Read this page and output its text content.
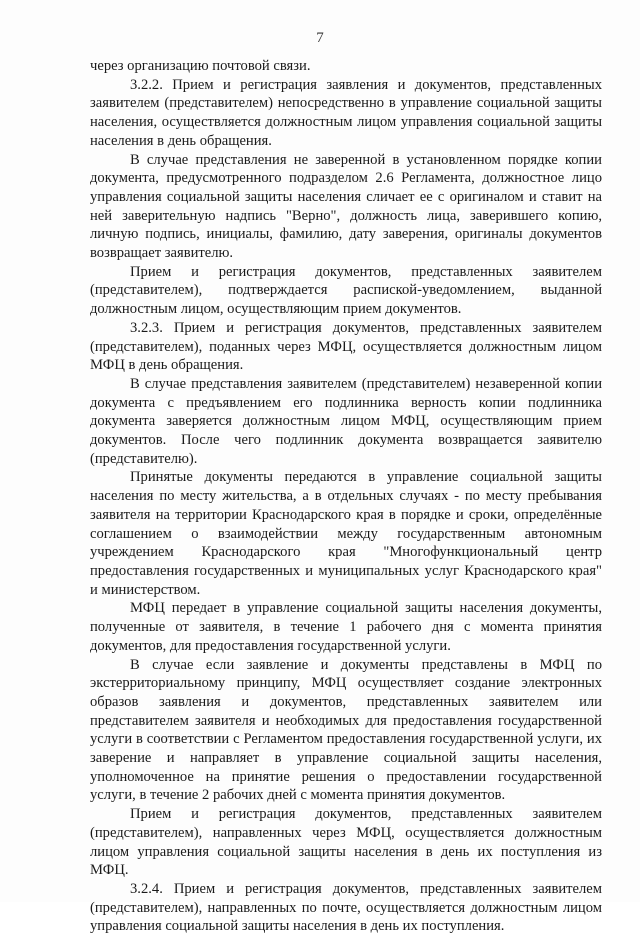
7

через организацию почтовой связи.

3.2.2. Прием и регистрация заявления и документов, представленных заявителем (представителем) непосредственно в управление социальной защиты населения, осуществляется должностным лицом управления социальной защиты населения в день обращения.

В случае представления не заверенной в установленном порядке копии документа, предусмотренного подразделом 2.6 Регламента, должностное лицо управления социальной защиты населения сличает ее с оригиналом и ставит на ней заверительную надпись "Верно", должность лица, заверившего копию, личную подпись, инициалы, фамилию, дату заверения, оригиналы документов возвращает заявителю.

Прием и регистрация документов, представленных заявителем (представителем), подтверждается распиской-уведомлением, выданной должностным лицом, осуществляющим прием документов.

3.2.3. Прием и регистрация документов, представленных заявителем (представителем), поданных через МФЦ, осуществляется должностным лицом МФЦ в день обращения.

В случае представления заявителем (представителем) незаверенной копии документа с предъявлением его подлинника верность копии подлинника документа заверяется должностным лицом МФЦ, осуществляющим прием документов. После чего подлинник документа возвращается заявителю (представителю).

Принятые документы передаются в управление социальной защиты населения по месту жительства, а в отдельных случаях - по месту пребывания заявителя на территории Краснодарского края в порядке и сроки, определённые соглашением о взаимодействии между государственным автономным учреждением Краснодарского края "Многофункциональный центр предоставления государственных и муниципальных услуг Краснодарского края" и министерством.

МФЦ передает в управление социальной защиты населения документы, полученные от заявителя, в течение 1 рабочего дня с момента принятия документов, для предоставления государственной услуги.

В случае если заявление и документы представлены в МФЦ по экстерриториальному принципу, МФЦ осуществляет создание электронных образов заявления и документов, представленных заявителем или представителем заявителя и необходимых для предоставления государственной услуги в соответствии с Регламентом предоставления государственной услуги, их заверение и направляет в управление социальной защиты населения, уполномоченное на принятие решения о предоставлении государственной услуги, в течение 2 рабочих дней с момента принятия документов.

Прием и регистрация документов, представленных заявителем (представителем), направленных через МФЦ, осуществляется должностным лицом управления социальной защиты населения в день их поступления из МФЦ.

3.2.4. Прием и регистрация документов, представленных заявителем (представителем), направленных по почте, осуществляется должностным лицом управления социальной защиты населения в день их поступления.
